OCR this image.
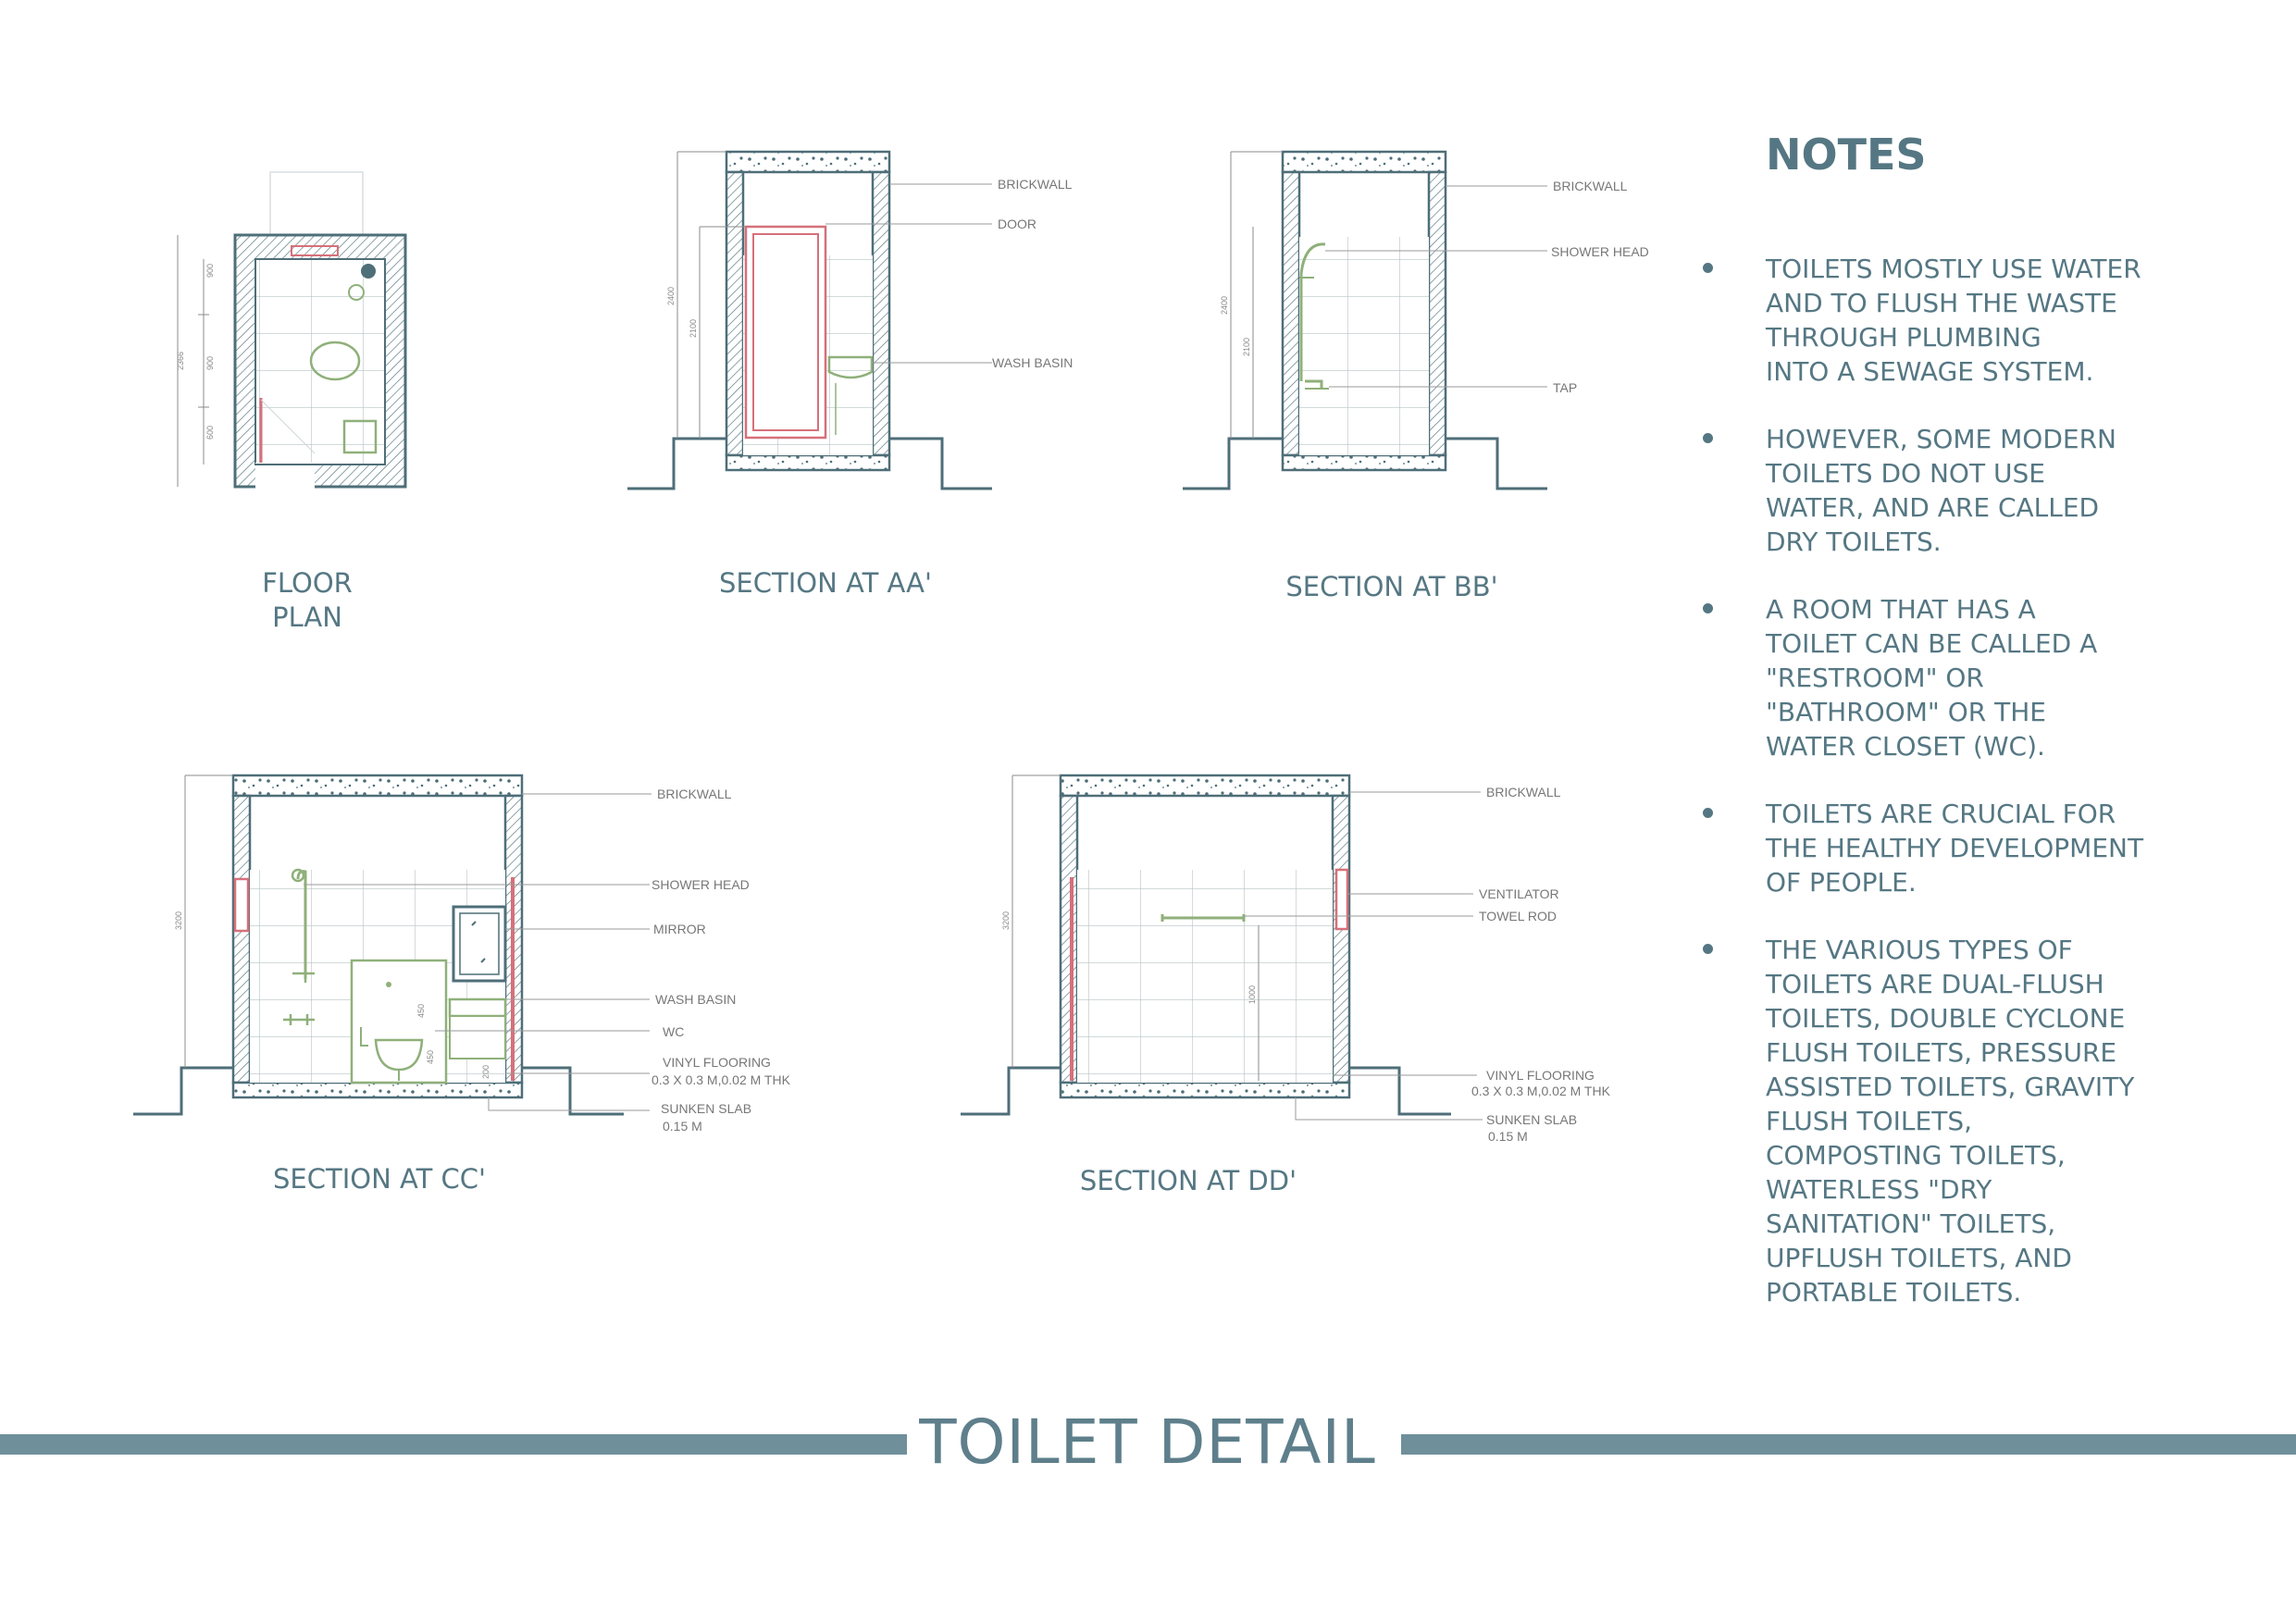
2366
900
900
600
2400
2100
BRICKWALL
DOOR
WASH BASIN
2400
2100
BRICKWALL
SHOWER HEAD
TAP
3200
450
450
200
BRICKWALL
SHOWER HEAD
MIRROR
WASH BASIN
WC
VINYL FLOORING
0.3 X 0.3 M,0.02 M THK
SUNKEN SLAB
0.15 M
3200
1000
BRICKWALL
VENTILATOR
TOWEL ROD
VINYL FLOORING
0.3 X 0.3 M,0.02 M THK
SUNKEN SLAB
0.15 M
FLOOR
PLAN
SECTION AT AA'	SECTION AT BB'
SECTION AT CC'	SECTION AT DD'
NOTES
TOILETS MOSTLY USE WATER
AND TO FLUSH THE WASTE
THROUGH PLUMBING
INTO A SEWAGE SYSTEM.
HOWEVER, SOME MODERN
TOILETS DO NOT USE
WATER, AND ARE CALLED
DRY TOILETS.
A ROOM THAT HAS A
TOILET CAN BE CALLED A
"RESTROOM" OR
"BATHROOM" OR THE
WATER CLOSET (WC).
TOILETS ARE CRUCIAL FOR
THE HEALTHY DEVELOPMENT
OF PEOPLE.
THE VARIOUS TYPES OF
TOILETS ARE DUAL-FLUSH
TOILETS, DOUBLE CYCLONE
FLUSH TOILETS, PRESSURE
ASSISTED TOILETS, GRAVITY
FLUSH TOILETS,
COMPOSTING TOILETS,
WATERLESS "DRY
SANITATION" TOILETS,
UPFLUSH TOILETS, AND
PORTABLE TOILETS.
TOILET DETAIL
